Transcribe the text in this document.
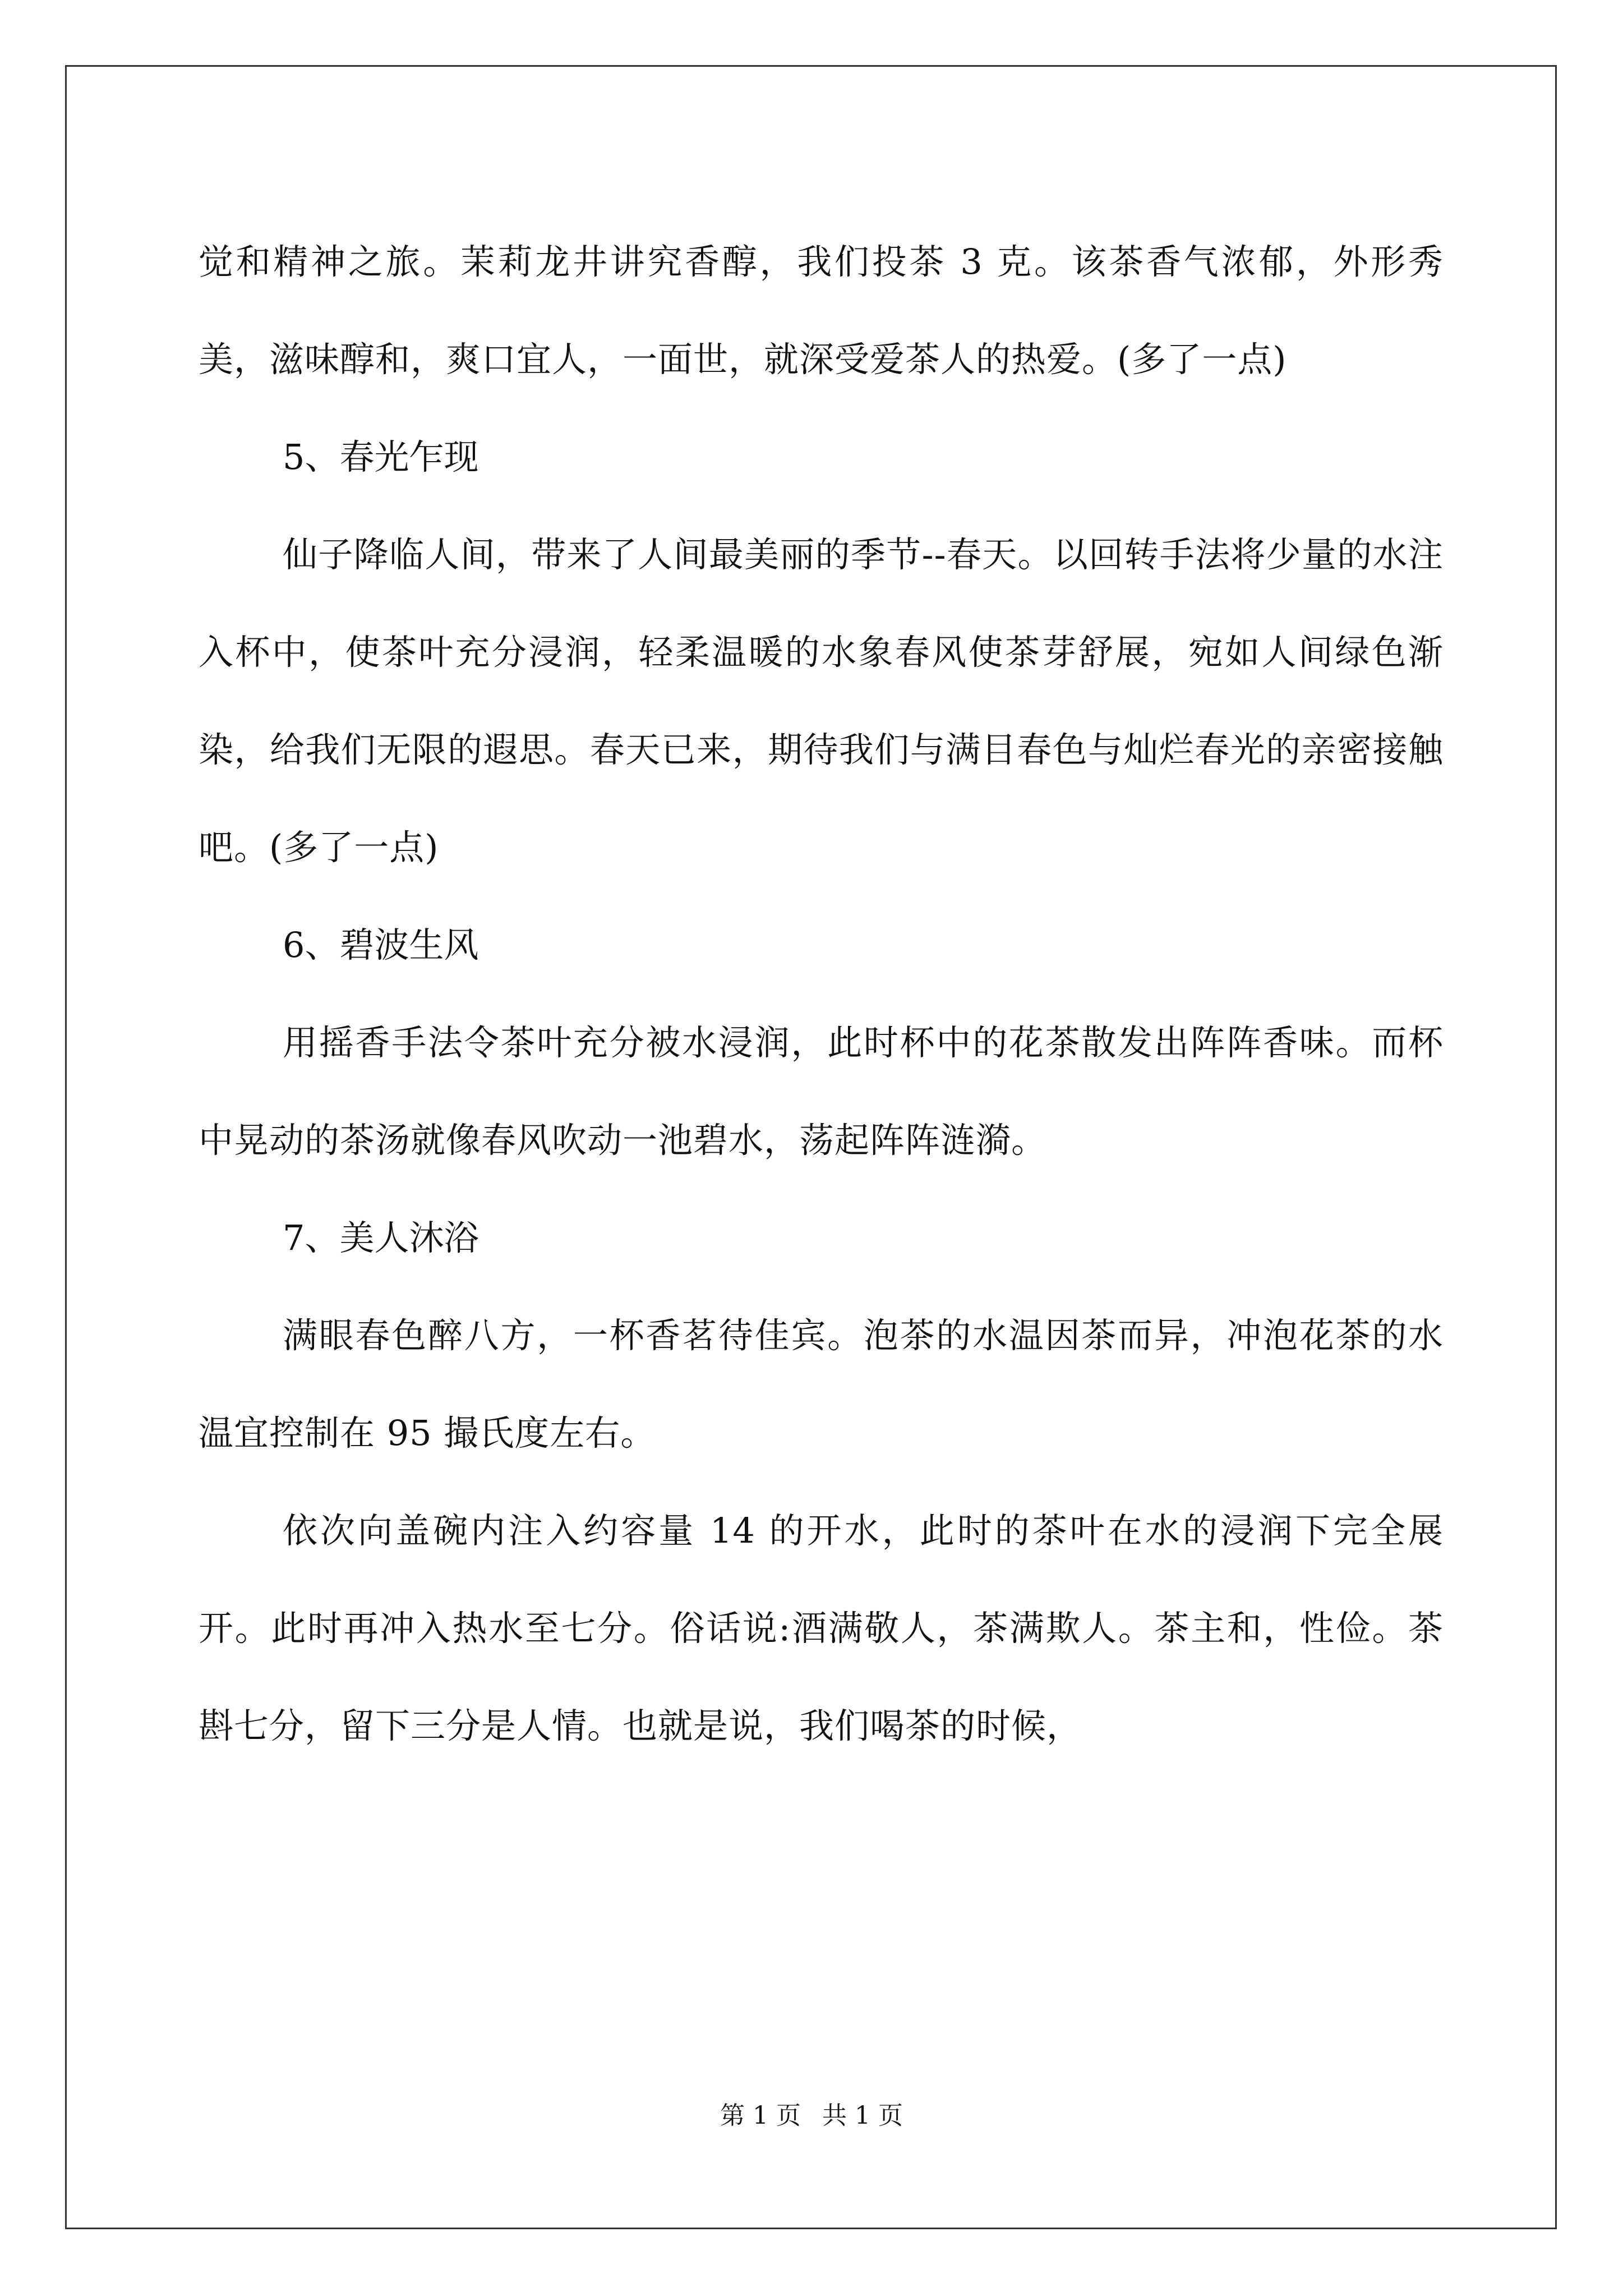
觉和精神之旅。茉莉龙井讲究香醇，我们投茶 3 克。该茶香气浓郁，外形秀美，滋味醇和，爽口宜人，一面世，就深受爱茶人的热爱。(多了一点)

5、春光乍现

仙子降临人间，带来了人间最美丽的季节--春天。以回转手法将少量的水注入杯中，使茶叶充分浸润，轻柔温暖的水象春风使茶芽舒展，宛如人间绿色渐染，给我们无限的遐思。春天已来，期待我们与满目春色与灿烂春光的亲密接触吧。(多了一点)

6、碧波生风

用摇香手法令茶叶充分被水浸润，此时杯中的花茶散发出阵阵香味。而杯中晃动的茶汤就像春风吹动一池碧水，荡起阵阵涟漪。

7、美人沐浴

满眼春色醉八方，一杯香茗待佳宾。泡茶的水温因茶而异，冲泡花茶的水温宜控制在 95 撮氏度左右。

依次向盖碗内注入约容量 14 的开水，此时的茶叶在水的浸润下完全展开。此时再冲入热水至七分。俗话说:酒满敬人，茶满欺人。茶主和，性俭。茶斟七分，留下三分是人情。也就是说，我们喝茶的时候，

第 1 页 共 1 页
